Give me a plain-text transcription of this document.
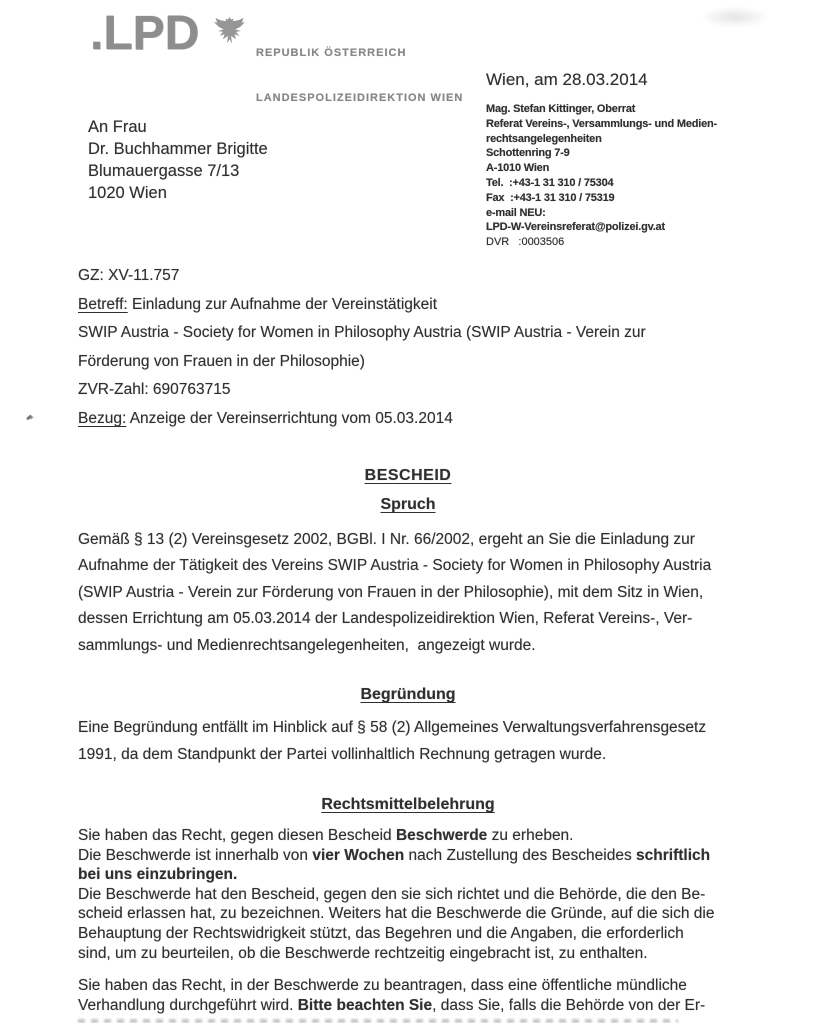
.LPD

	REPUBLIK ÖSTERREICH

LANDESPOLIZEIDIREKTION WIEN

Wien, am 28.03.2014
Mag. Stefan Kittinger, Oberrat
Referat Vereins-, Versammlungs- und Medien-
rechtsangelegenheiten
Schottenring 7-9
A-1010 Wien
Tel.  :+43-1 31 310 / 75304
Fax  :+43-1 31 310 / 75319
e-mail NEU:
LPD-W-Vereinsreferat@polizei.gv.at
DVR   :0003506
An Frau
Dr. Buchhammer Brigitte
Blumauergasse 7/13
1020 Wien
GZ: XV-11.757
Betreff: Einladung zur Aufnahme der Vereinstätigkeit
SWIP Austria - Society for Women in Philosophy Austria (SWIP Austria - Verein zur
Förderung von Frauen in der Philosophie)
ZVR-Zahl: 690763715
Bezug: Anzeige der Vereinserrichtung vom 05.03.2014
BESCHEID
Spruch
Gemäß § 13 (2) Vereinsgesetz 2002, BGBl. I Nr. 66/2002, ergeht an Sie die Einladung zur
Aufnahme der Tätigkeit des Vereins SWIP Austria - Society for Women in Philosophy Austria
(SWIP Austria - Verein zur Förderung von Frauen in der Philosophie), mit dem Sitz in Wien,
dessen Errichtung am 05.03.2014 der Landespolizeidirektion Wien, Referat Vereins-, Ver-
sammlungs- und Medienrechtsangelegenheiten,  angezeigt wurde.
Begründung
Eine Begründung entfällt im Hinblick auf § 58 (2) Allgemeines Verwaltungsverfahrensgesetz
1991, da dem Standpunkt der Partei vollinhaltlich Rechnung getragen wurde.
Rechtsmittelbelehrung
Sie haben das Recht, gegen diesen Bescheid Beschwerde zu erheben.
Die Beschwerde ist innerhalb von vier Wochen nach Zustellung des Bescheides schriftlich
bei uns einzubringen.
Die Beschwerde hat den Bescheid, gegen den sie sich richtet und die Behörde, die den Be-
scheid erlassen hat, zu bezeichnen. Weiters hat die Beschwerde die Gründe, auf die sich die
Behauptung der Rechtswidrigkeit stützt, das Begehren und die Angaben, die erforderlich
sind, um zu beurteilen, ob die Beschwerde rechtzeitig eingebracht ist, zu enthalten.
Sie haben das Recht, in der Beschwerde zu beantragen, dass eine öffentliche mündliche
Verhandlung durchgeführt wird. Bitte beachten Sie, dass Sie, falls die Behörde von der Er-
